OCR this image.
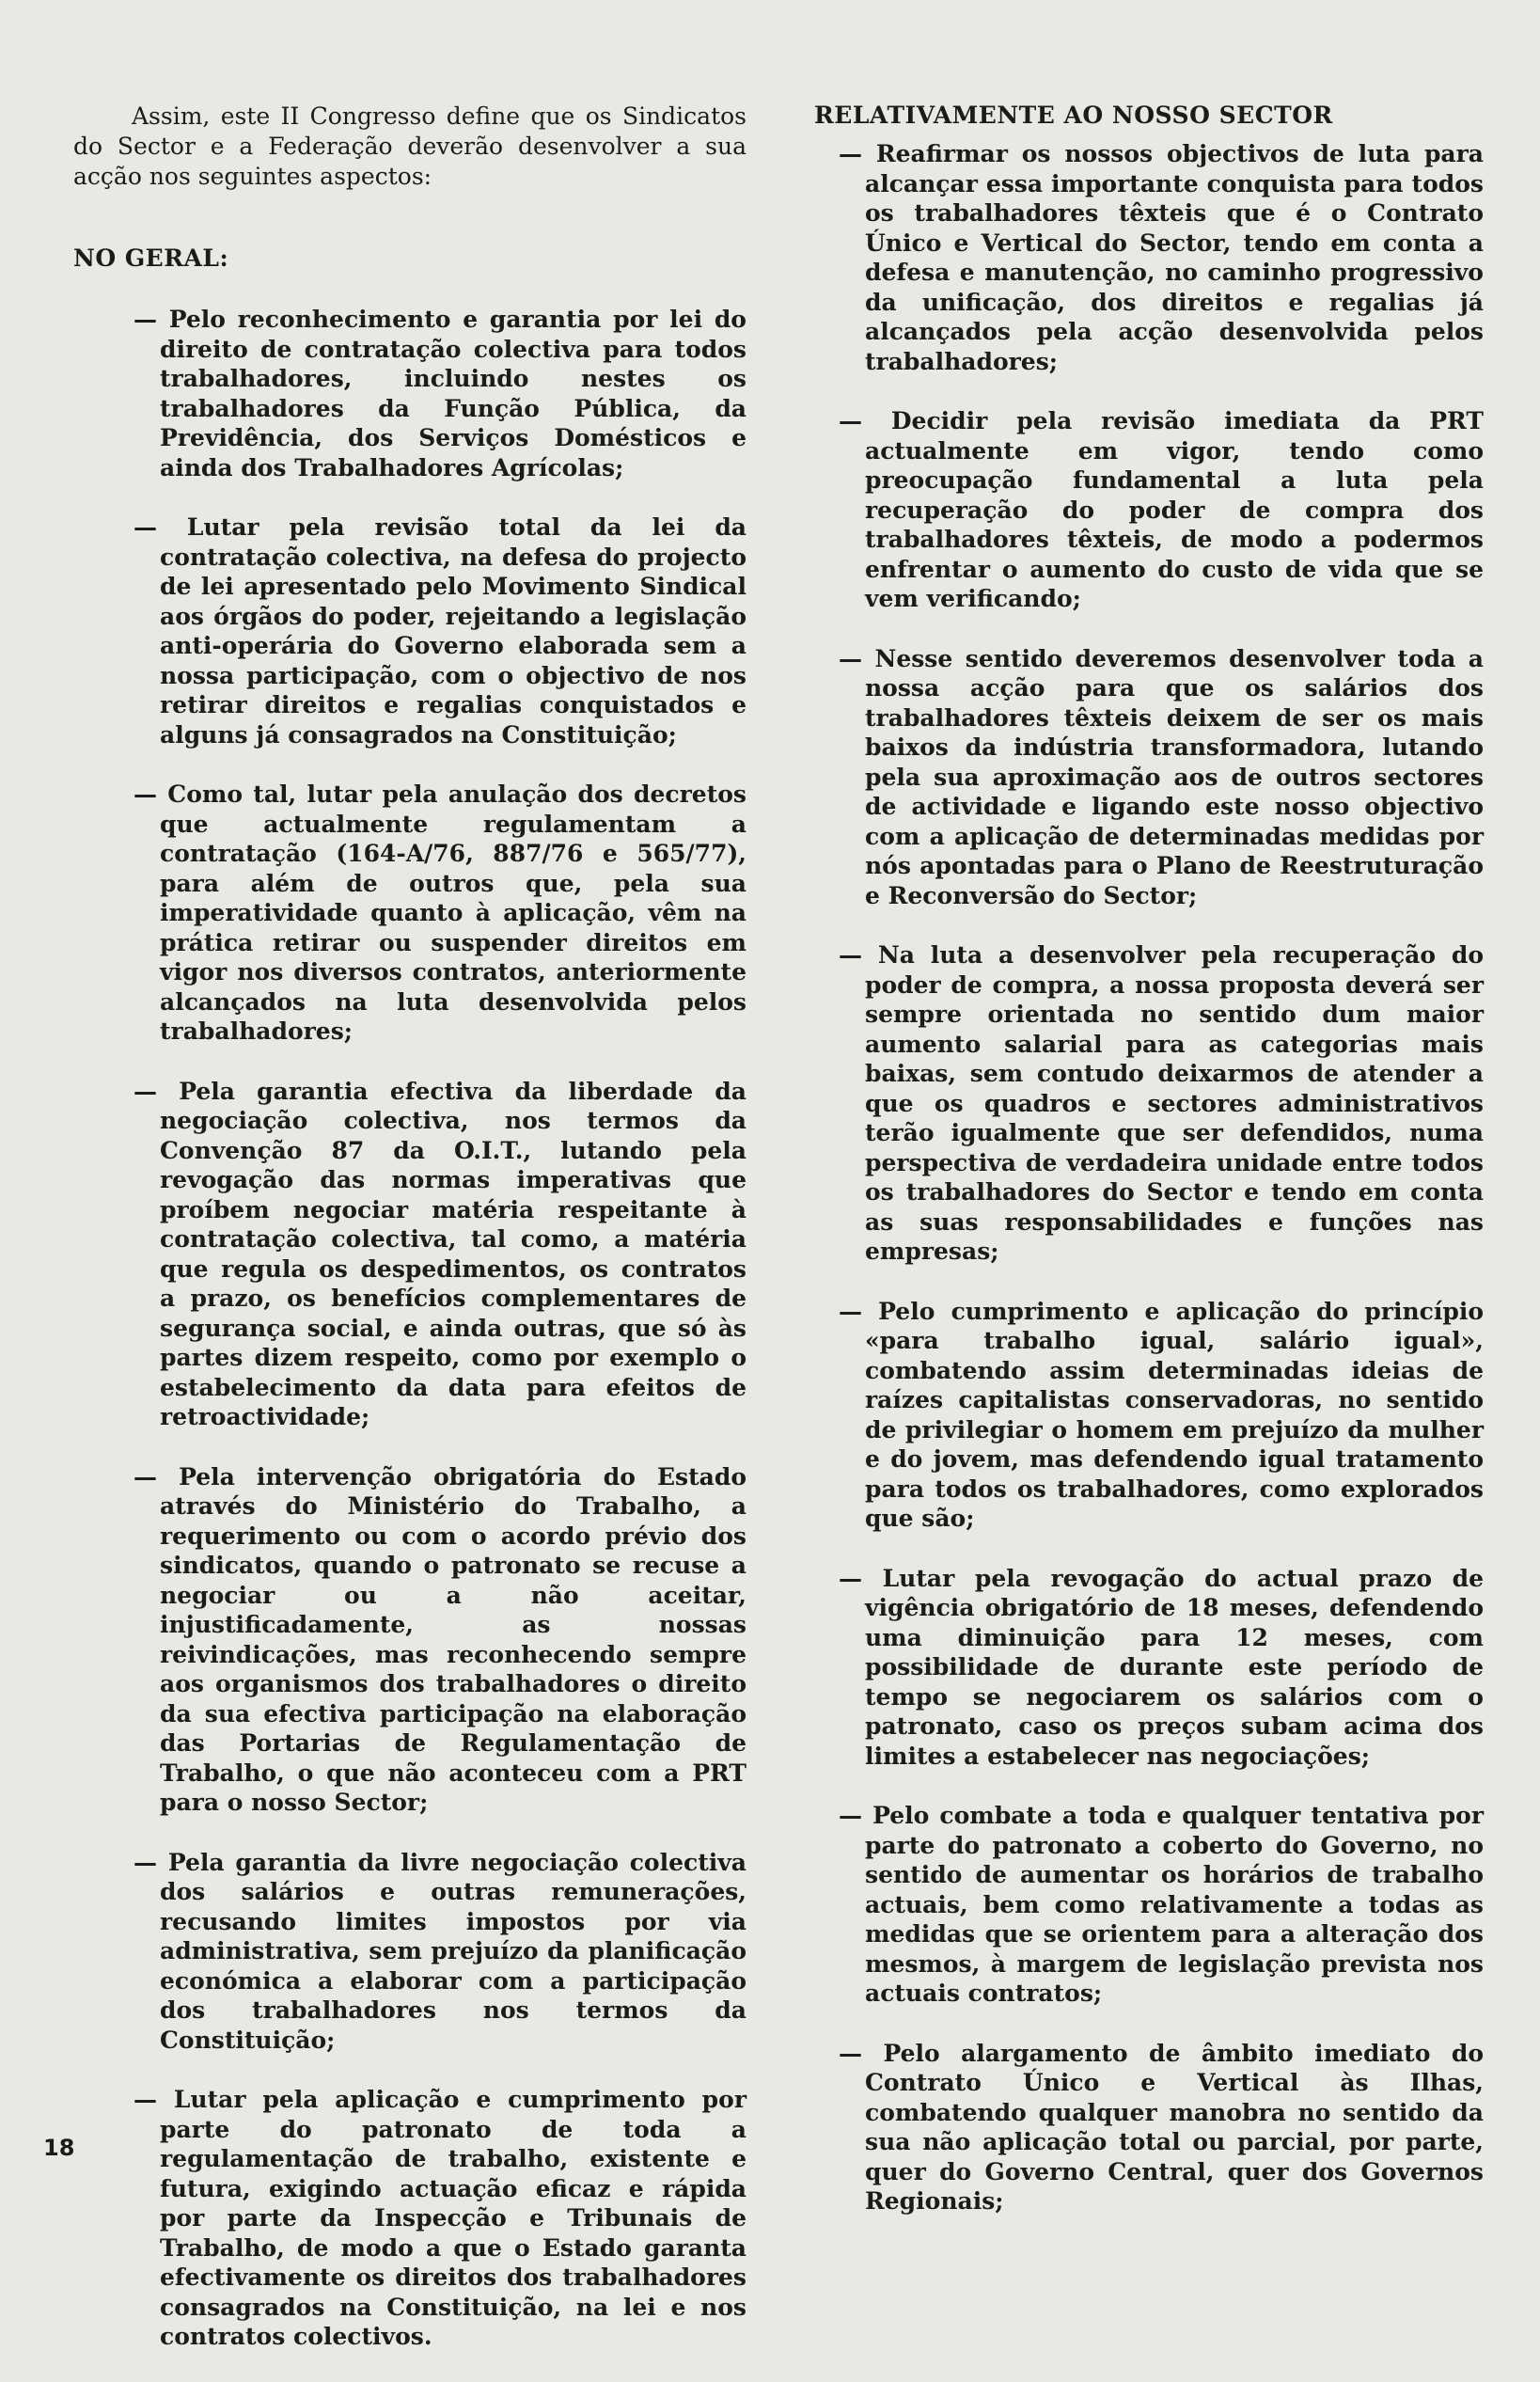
Assim, este II Congresso define que os Sindicatos do Sector e a Federação deverão desenvolver a sua acção nos seguintes aspectos:

NO GERAL:

— Pelo reconhecimento e garantia por lei do direito de contratação colectiva para todos trabalhadores, incluindo nestes os trabalhadores da Função Pública, da Previdência, dos Serviços Domésticos e ainda dos Trabalhadores Agrícolas;

— Lutar pela revisão total da lei da contratação colectiva, na defesa do projecto de lei apresentado pelo Movimento Sindical aos órgãos do poder, rejeitando a legislação anti-operária do Governo elaborada sem a nossa participação, com o objectivo de nos retirar direitos e regalias conquistados e alguns já consagrados na Constituição;

— Como tal, lutar pela anulação dos decretos que actualmente regulamentam a contratação (164-A/76, 887/76 e 565/77), para além de outros que, pela sua imperatividade quanto à aplicação, vêm na prática retirar ou suspender direitos em vigor nos diversos contratos, anteriormente alcançados na luta desenvolvida pelos trabalhadores;

— Pela garantia efectiva da liberdade da negociação colectiva, nos termos da Convenção 87 da O.I.T., lutando pela revogação das normas imperativas que proíbem negociar matéria respeitante à contratação colectiva, tal como, a matéria que regula os despedimentos, os contratos a prazo, os benefícios complementares de segurança social, e ainda outras, que só às partes dizem respeito, como por exemplo o estabelecimento da data para efeitos de retroactividade;

— Pela intervenção obrigatória do Estado através do Ministério do Trabalho, a requerimento ou com o acordo prévio dos sindicatos, quando o patronato se recuse a negociar ou a não aceitar, injustificadamente, as nossas reivindicações, mas reconhecendo sempre aos organismos dos trabalhadores o direito da sua efectiva participação na elaboração das Portarias de Regulamentação de Trabalho, o que não aconteceu com a PRT para o nosso Sector;

— Pela garantia da livre negociação colectiva dos salários e outras remunerações, recusando limites impostos por via administrativa, sem prejuízo da planificação económica a elaborar com a participação dos trabalhadores nos termos da Constituição;

— Lutar pela aplicação e cumprimento por parte do patronato de toda a regulamentação de trabalho, existente e futura, exigindo actuação eficaz e rápida por parte da Inspecção e Tribunais de Trabalho, de modo a que o Estado garanta efectivamente os direitos dos trabalhadores consagrados na Constituição, na lei e nos contratos colectivos.

RELATIVAMENTE AO NOSSO SECTOR

— Reafirmar os nossos objectivos de luta para alcançar essa importante conquista para todos os trabalhadores têxteis que é o Contrato Único e Vertical do Sector, tendo em conta a defesa e manutenção, no caminho progressivo da unificação, dos direitos e regalias já alcançados pela acção desenvolvida pelos trabalhadores;

— Decidir pela revisão imediata da PRT actualmente em vigor, tendo como preocupação fundamental a luta pela recuperação do poder de compra dos trabalhadores têxteis, de modo a podermos enfrentar o aumento do custo de vida que se vem verificando;

— Nesse sentido deveremos desenvolver toda a nossa acção para que os salários dos trabalhadores têxteis deixem de ser os mais baixos da indústria transformadora, lutando pela sua aproximação aos de outros sectores de actividade e ligando este nosso objectivo com a aplicação de determinadas medidas por nós apontadas para o Plano de Reestruturação e Reconversão do Sector;

— Na luta a desenvolver pela recuperação do poder de compra, a nossa proposta deverá ser sempre orientada no sentido dum maior aumento salarial para as categorias mais baixas, sem contudo deixarmos de atender a que os quadros e sectores administrativos terão igualmente que ser defendidos, numa perspectiva de verdadeira unidade entre todos os trabalhadores do Sector e tendo em conta as suas responsabilidades e funções nas empresas;

— Pelo cumprimento e aplicação do princípio «para trabalho igual, salário igual», combatendo assim determinadas ideias de raízes capitalistas conservadoras, no sentido de privilegiar o homem em prejuízo da mulher e do jovem, mas defendendo igual tratamento para todos os trabalhadores, como explorados que são;

— Lutar pela revogação do actual prazo de vigência obrigatório de 18 meses, defendendo uma diminuição para 12 meses, com possibilidade de durante este período de tempo se negociarem os salários com o patronato, caso os preços subam acima dos limites a estabelecer nas negociações;

— Pelo combate a toda e qualquer tentativa por parte do patronato a coberto do Governo, no sentido de aumentar os horários de trabalho actuais, bem como relativamente a todas as medidas que se orientem para a alteração dos mesmos, à margem de legislação prevista nos actuais contratos;

— Pelo alargamento de âmbito imediato do Contrato Único e Vertical às Ilhas, combatendo qualquer manobra no sentido da sua não aplicação total ou parcial, por parte, quer do Governo Central, quer dos Governos Regionais;

18
